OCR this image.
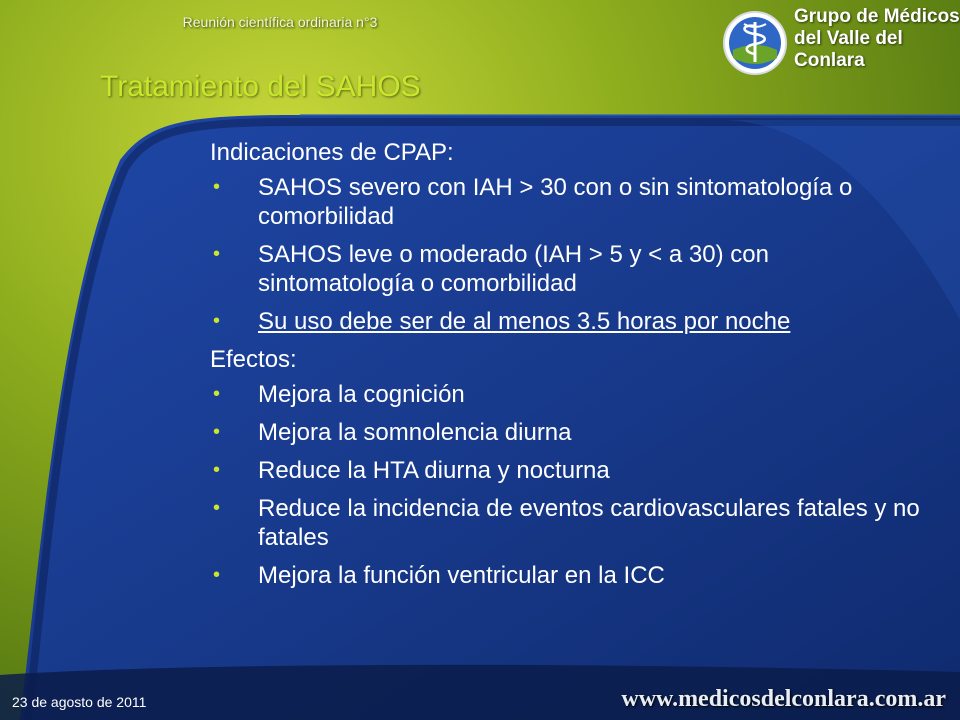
Reunión científica ordinaria n°3	Grupo de Médicos
del Valle del Conlara
Tratamiento del SAHOS
Indicaciones de CPAP:
• SAHOS severo con IAH > 30 con o sin sintomatología o comorbilidad
• SAHOS leve o moderado (IAH > 5 y < a 30) con sintomatología o comorbilidad
• Su uso debe ser de al menos 3.5 horas por noche
Efectos:
• Mejora la cognición
• Mejora la somnolencia diurna
• Reduce la HTA diurna y nocturna
• Reduce la incidencia de eventos cardiovasculares fatales y no fatales
• Mejora la función ventricular en la ICC
23 de agosto de 2011	www.medicosdelconlara.com.ar
